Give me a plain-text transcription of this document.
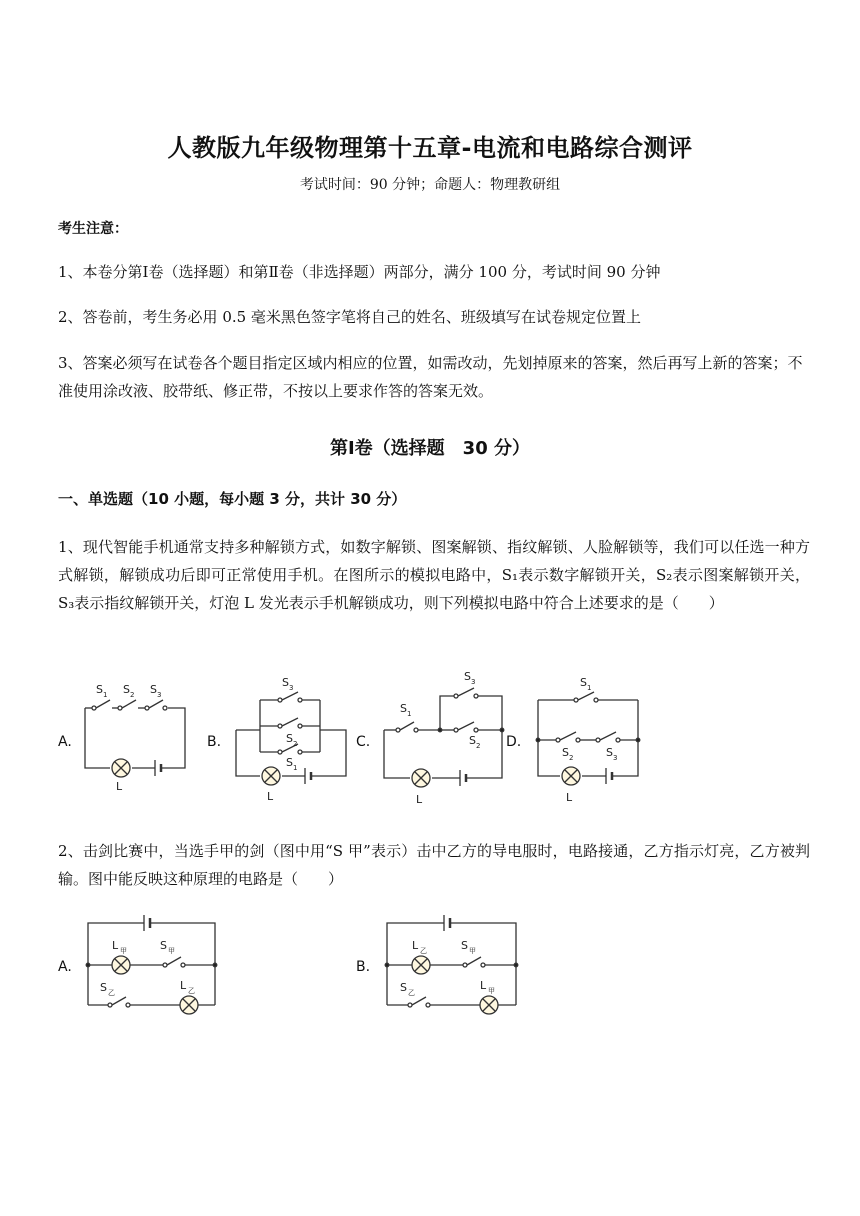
人教版九年级物理第十五章-电流和电路综合测评
考试时间：90 分钟；命题人：物理教研组
考生注意：
1、本卷分第Ⅰ卷（选择题）和第Ⅱ卷（非选择题）两部分，满分 100 分，考试时间 90 分钟
2、答卷前，考生务必用 0.5 毫米黑色签字笔将自己的姓名、班级填写在试卷规定位置上
3、答案必须写在试卷各个题目指定区域内相应的位置，如需改动，先划掉原来的答案，然后再写上新的答案；不准使用涂改液、胶带纸、修正带，不按以上要求作答的答案无效。
第Ⅰ卷（选择题　30 分）
一、单选题（10 小题，每小题 3 分，共计 30 分）
1、现代智能手机通常支持多种解锁方式，如数字解锁、图案解锁、指纹解锁、人脸解锁等，我们可以任选一种方式解锁，解锁成功后即可正常使用手机。在图所示的模拟电路中，S₁表示数字解锁开关，S₂表示图案解锁开关，S₃表示指纹解锁开关，灯泡 L 发光表示手机解锁成功，则下列模拟电路中符合上述要求的是（　　）
A.
S 1 S 2 S 3
L
B.
S 3
S 2
S 1
L
C.
S 1
S 3
S 2
L
D.
S 1
S 2	S 3
L
2、击剑比赛中，当选手甲的剑（图中用“S 甲”表示）击中乙方的导电服时，电路接通，乙方指示灯亮，乙方被判输。图中能反映这种原理的电路是（　　）
A.
L 甲	S 甲
S 乙
L 乙
B.
L 乙	S 甲
S 乙
L 甲
